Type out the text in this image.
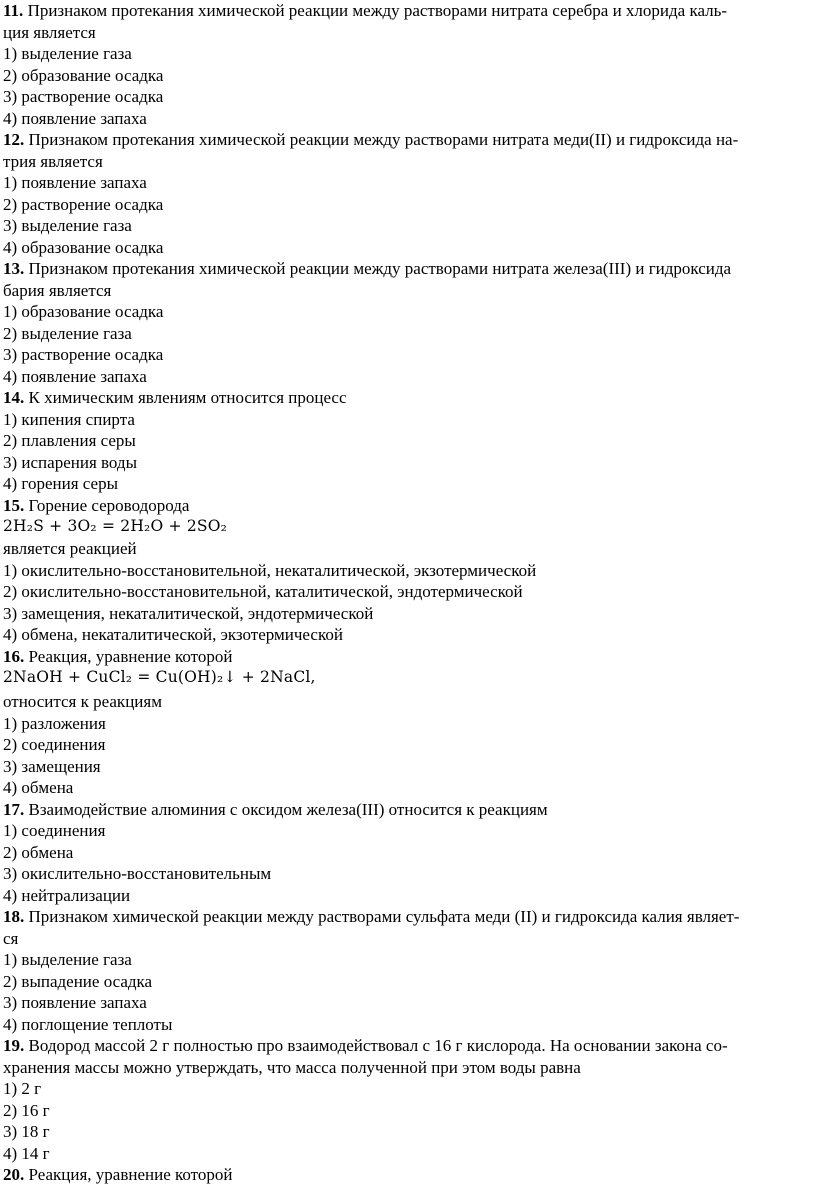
11. Признаком протекания химической реакции между растворами нитрата серебра и хлорида каль-
ция является
1) выделение газа
2) образование осадка
3) растворение осадка
4) появление запаха
12. Признаком протекания химической реакции между растворами нитрата меди(II) и гидроксида на-
трия является
1) появление запаха
2) растворение осадка
3) выделение газа
4) образование осадка
13. Признаком протекания химической реакции между растворами нитрата железа(III) и гидроксида
бария является
1) образование осадка
2) выделение газа
3) растворение осадка
4) появление запаха
14. К химическим явлениям относится процесс
1) кипения спирта
2) плавления серы
3) испарения воды
4) горения серы
15. Горение сероводорода
2H₂S + 3O₂ = 2H₂O + 2SO₂
является реакцией
1) окислительно-восстановительной, некаталитической, экзотермической
2) окислительно-восстановительной, каталитической, эндотермической
3) замещения, некаталитической, эндотермической
4) обмена, некаталитической, экзотермической
16. Реакция, уравнение которой
2NaOH + CuCl₂ = Cu(OH)₂↓ + 2NaCl,
относится к реакциям
1) разложения
2) соединения
3) замещения
4) обмена
17. Взаимодействие алюминия с оксидом железа(III) относится к реакциям
1) соединения
2) обмена
3) окислительно-восстановительным
4) нейтрализации
18. Признаком химической реакции между растворами сульфата меди (II) и гидроксида калия являет-
ся
1) выделение газа
2) выпадение осадка
3) появление запаха
4) поглощение теплоты
19. Водород массой 2 г полностью про взаимодействовал с 16 г кислорода. На основании закона со-
хранения массы можно утверждать, что масса полученной при этом воды равна
1) 2 г
2) 16 г
3) 18 г
4) 14 г
20. Реакция, уравнение которой
